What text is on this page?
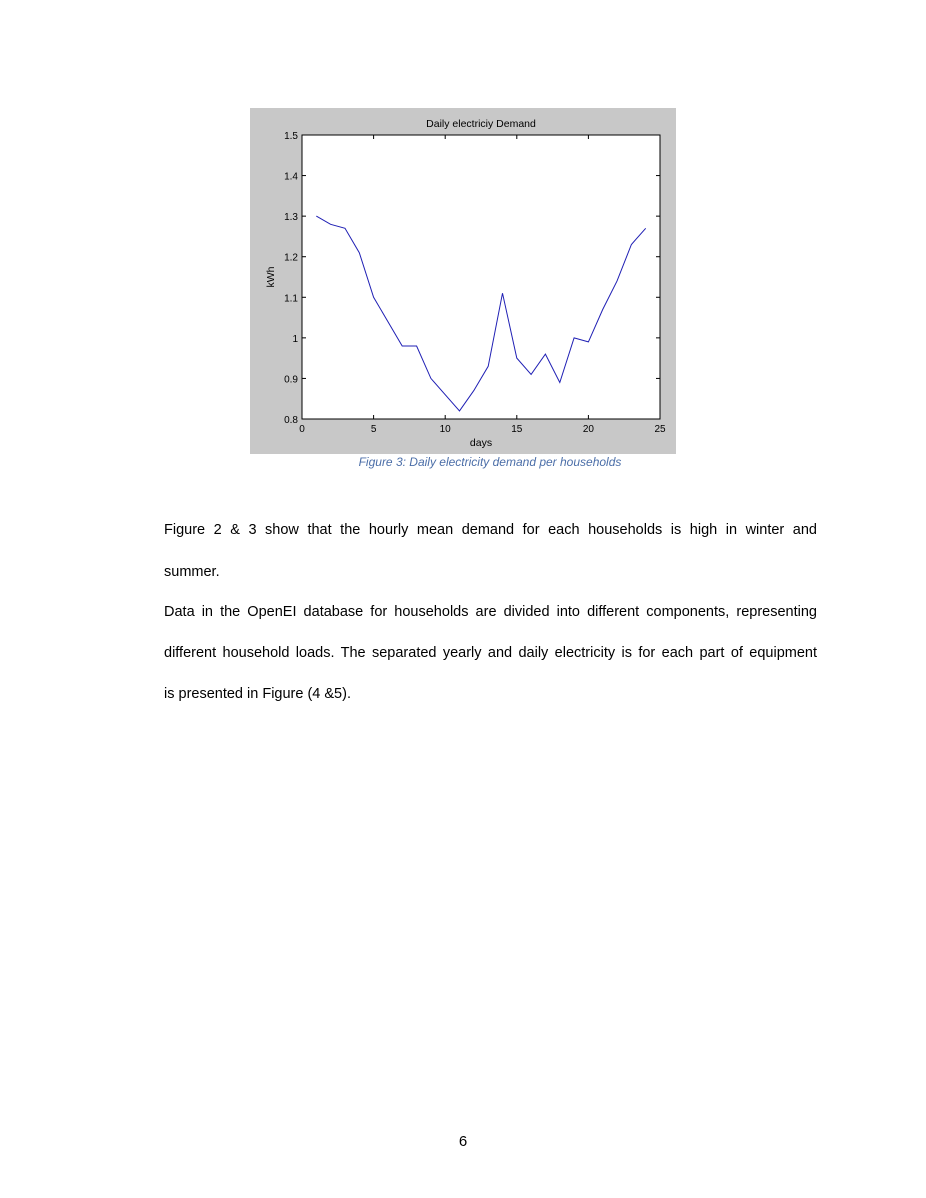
0	5	10	15	20	25
0.8
0.9
1
1.1
1.2
1.3
1.4
1.5
Daily electriciy Demand
days
kWh
Figure 3: Daily electricity demand per households
Figure 2 & 3 show that the hourly mean demand for each households is high in winter and
summer.
Data in the OpenEI database for households are divided into different components, representing
different household loads. The separated yearly and daily electricity is for each part of equipment
is presented in Figure (4 &5).
6
